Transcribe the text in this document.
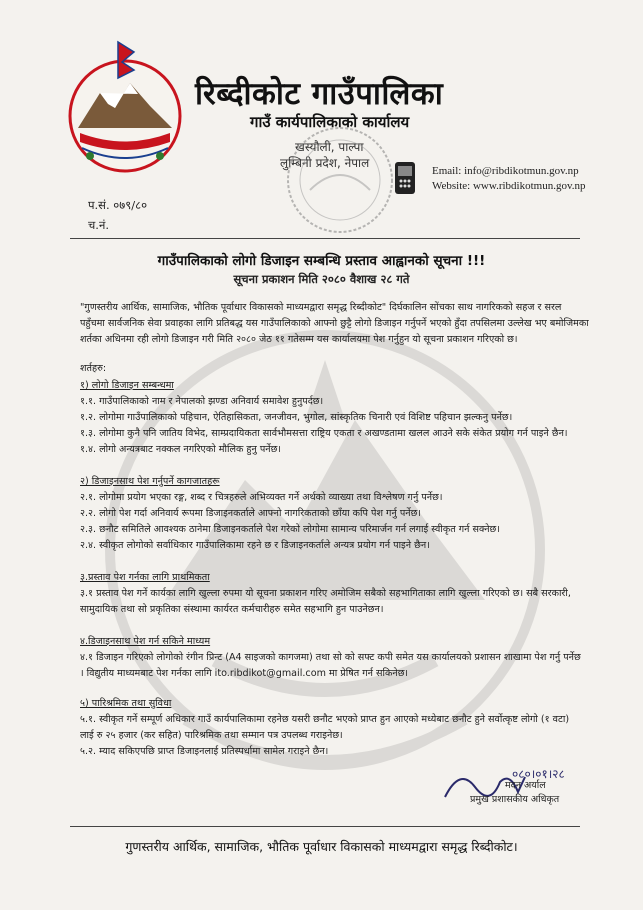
रिब्दीकोट गाउँपालिका
गाउँ कार्यपालिकाको कार्यालय
खस्यौली, पाल्पा
लुम्बिनी प्रदेश, नेपाल
Email: info@ribdikotmun.gov.np
Website: www.ribdikotmun.gov.np
प.सं. ०७९/८०
च.नं.
गाउँपालिकाको लोगो डिजाइन सम्बन्धि प्रस्ताव आह्वानको सूचना !!!
सूचना प्रकाशन मिति २०८० वैशाख २८ गते
"गुणस्तरीय आर्थिक, सामाजिक, भौतिक पूर्वाधार विकासको माध्यमद्वारा समृद्ध रिब्दीकोट" दिर्घकालिन सोंचका साथ नागरिकको सहज र सरल
पहुँचमा सार्वजनिक सेवा प्रवाहका लागि प्रतिबद्ध यस गाउँपालिकाको आफ्नो छुट्टै लोगो डिजाइन गर्नुपर्ने भएको हुँदा तपसिलमा उल्लेख भए बमोजिमका
शर्तका अधिनमा रही लोगो डिजाइन गरी मिति २०८० जेठ ११ गतेसम्म यस कार्यालयमा पेश गर्नुहुन यो सूचना प्रकाशन गरिएको छ।
शर्तहरु:
१) लोगो डिजाइन सम्बन्धमा
१.१. गाउँपालिकाको नाम र नेपालको झण्डा अनिवार्य समावेश हुनुपर्दछ।
१.२. लोगोमा गाउँपालिकाको पहिचान, ऐतिहासिकता, जनजीवन, भुगोल, सांस्कृतिक चिनारी एवं विशिष्ट पहिचान झल्कनु पर्नेछ।
१.३. लोगोमा कुनै पनि जातिय विभेद, साम्प्रदायिकता सार्वभौमसत्ता राष्ट्रिय एकता र अखण्डतामा खलल आउने सके संकेत प्रयोग गर्न पाइने छैन।
१.४. लोगो अन्यत्रबाट नक्कल नगरिएको मौलिक हुनु पर्नेछ।
२) डिजाइनसाथ पेश गर्नुपर्ने कागजातहरू
२.१. लोगोमा प्रयोग भएका रङ्ग, शब्द र चित्रहरुले अभिव्यक्त गर्ने अर्थको व्याख्या तथा विश्लेषण गर्नु पर्नेछ।
२.२. लोगो पेश गर्दा अनिवार्य रूपमा डिजाइनकर्ताले आफ्नो नागरिकताको छाँया कपि पेश गर्नु पर्नेछ।
२.३. छनौट समितिले आवश्यक ठानेमा डिजाइनकर्ताले पेश गरेको लोगोमा सामान्य परिमार्जन गर्न लगाई स्वीकृत गर्न सक्नेछ।
२.४. स्वीकृत लोगोको सर्वाधिकार गाउँपालिकामा रहने छ र डिजाइनकर्ताले अन्यत्र प्रयोग गर्न पाइने छैन।
३.प्रस्ताव पेश गर्नका लागि प्राथमिकता
३.१ प्रस्ताव पेश गर्ने कार्यका लागि खुल्ला रुपमा यो सूचना प्रकाशन गरिए अमोजिम सबैको सहभागिताका लागि खुल्ला गरिएको छ। सबै सरकारी,
सामुदायिक तथा सो प्रकृतिका संस्थामा कार्यरत कर्मचारीहरु समेत सहभागि हुन पाउनेछन।
४.डिजाइनसाथ पेश गर्न सकिने माध्यम
४.१ डिजाइन गरिएको लोगोको रंगीन प्रिन्ट (A4 साइजको कागजमा) तथा सो को सफ्ट कपी समेत यस कार्यालयको प्रशासन शाखामा पेश गर्नु पर्नेछ
। विद्युतीय माध्यमबाट पेश गर्नका लागि ito.ribdikot@gmail.com मा प्रेषित गर्न सकिनेछ।
५) पारिश्रमिक तथा सुविधा
५.१. स्वीकृत गर्ने सम्पूर्ण अधिकार गाउँ कार्यपालिकामा रहनेछ यसरी छनौट भएको प्राप्त हुन आएको मध्येबाट छनौट हुने सर्वोत्कृष्ट लोगो (१ वटा)
लाई रु २५ हजार (कर सहित) पारिश्रमिक तथा सम्मान पत्र उपलब्ध गराइनेछ।
५.२. म्याद सकिएपछि प्राप्त डिजाइनलाई प्रतिस्पर्धामा सामेल गराइने छैन।
०८०।०१।२८
मदन अर्याल
प्रमुख प्रशासकीय अधिकृत
गुणस्तरीय आर्थिक, सामाजिक, भौतिक पूर्वाधार विकासको माध्यमद्वारा समृद्ध रिब्दीकोट।
